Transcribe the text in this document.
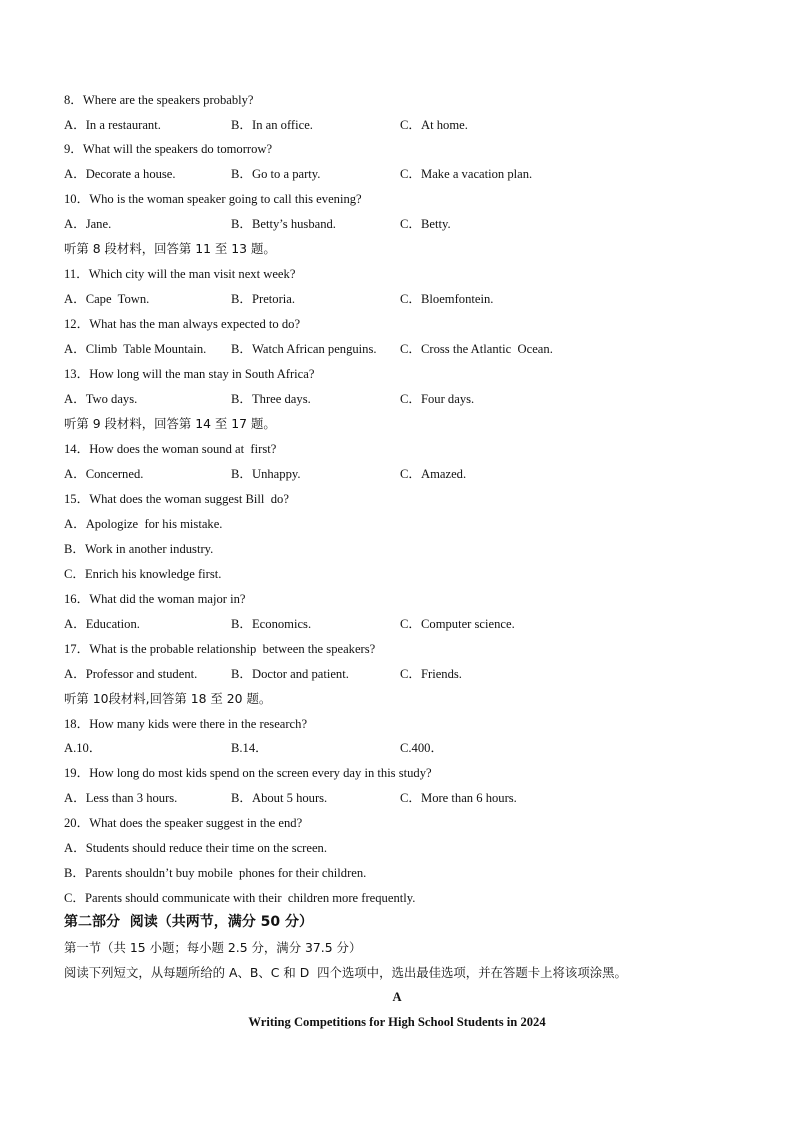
8．Where are the speakers probably?
A．In a restaurant.	B．In an office.	C．At home.
9．What will the speakers do tomorrow?
A．Decorate a house.	B．Go to a party.	C．Make a vacation plan.
10．Who is the woman speaker going to call this evening?
A．Jane.	B．Betty’s husband.	C．Betty.
听第 8 段材料，回答第 11 至 13 题。
11．Which city will the man visit next week?
A．Cape  Town.	B．Pretoria.	C．Bloemfontein.
12．What has the man always expected to do?
A．Climb  Table Mountain. B．Watch African penguins. C．Cross the Atlantic  Ocean.
13．How long will the man stay in South Africa?
A．Two days.	B．Three days.	C．Four days.
听第 9 段材料，回答第 14 至 17 题。
14．How does the woman sound at  first?
A．Concerned.	B．Unhappy.	C．Amazed.
15．What does the woman suggest Bill  do?
A．Apologize  for his mistake.
B．Work in another industry.
C．Enrich his knowledge first.
16．What did the woman major in?
A．Education.	B．Economics.	C．Computer science.
17．What is the probable relationship  between the speakers?
A．Professor and student.	B．Doctor and patient.	C．Friends.
听第 10段材料,回答第 18 至 20 题。
18．How many kids were there in the research?
A.10．	B.14．	C.400．
19．How long do most kids spend on the screen every day in this study?
A．Less than 3 hours.	B．About 5 hours.	C．More than 6 hours.
20．What does the speaker suggest in the end?
A．Students should reduce their time on the screen.
B．Parents shouldn’t buy mobile  phones for their children.
C．Parents should communicate with their  children more frequently.
第二部分  阅读（共两节，满分 50 分）
第一节（共 15 小题；每小题 2.5 分，满分 37.5 分）
阅读下列短文，从每题所给的 A、B、C 和 D  四个选项中，选出最佳选项，并在答题卡上将该项涂黑。
A
Writing Competitions for High School Students in 2024
